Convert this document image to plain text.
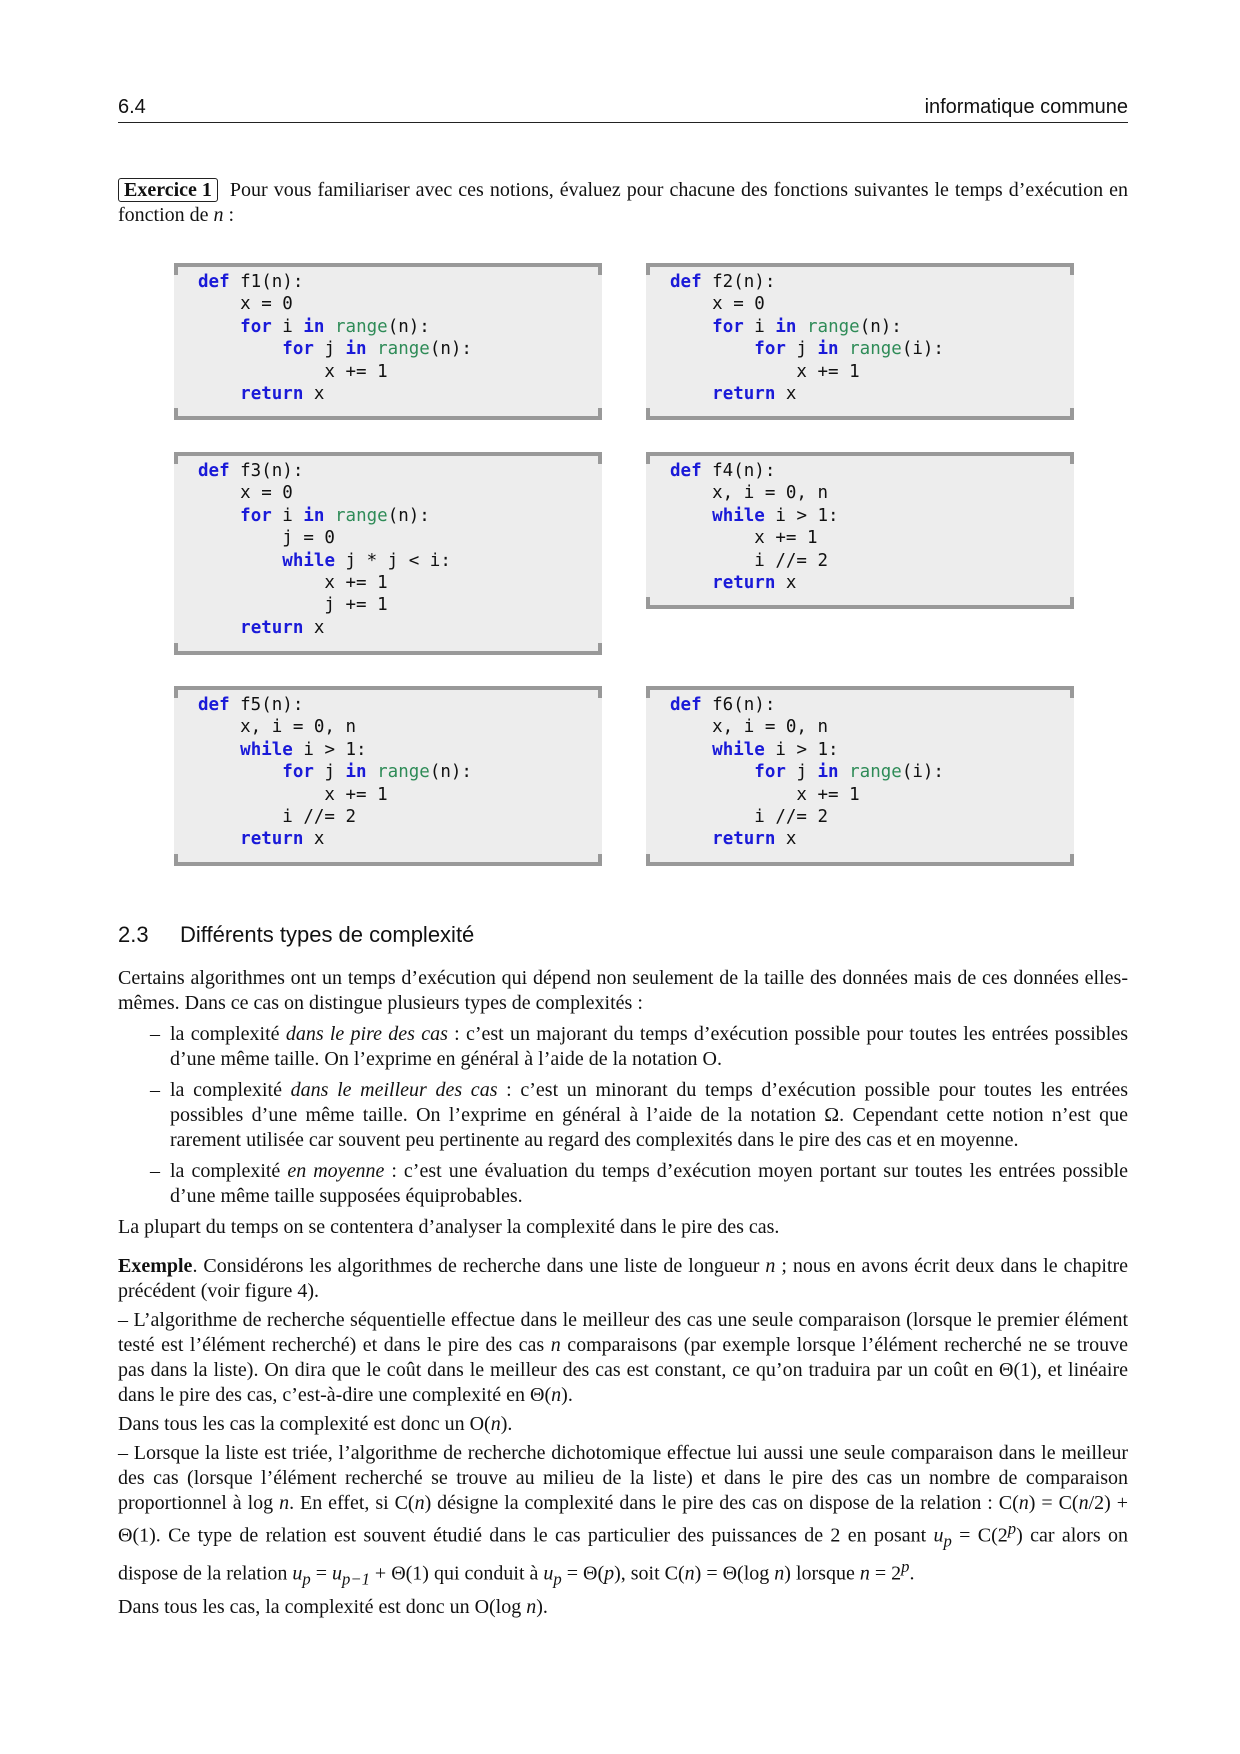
6.4	informatique commune

Exercice 1 Pour vous familiariser avec ces notions, évaluez pour chacune des fonctions suivantes le temps d’exécution en fonction de n :

def f1(n):
x = 0
for i in range(n):
for j in range(n):
x += 1
return x
def f2(n):
x = 0
for i in range(n):
for j in range(i):
x += 1
return x
def f3(n):
x = 0
for i in range(n):
j = 0
while j * j < i:
x += 1
j += 1
return x
def f4(n):
x, i = 0, n
while i > 1:
x += 1
i //= 2
return x
def f5(n):
x, i = 0, n
while i > 1:
for j in range(n):
x += 1
i //= 2
return x
def f6(n):
x, i = 0, n
while i > 1:
for j in range(i):
x += 1
i //= 2
return x
2.3 Différents types de complexité

Certains algorithmes ont un temps d’exécution qui dépend non seulement de la taille des données mais de ces données elles-mêmes. Dans ce cas on distingue plusieurs types de complexités :

– la complexité dans le pire des cas : c’est un majorant du temps d’exécution possible pour toutes les entrées possibles d’une même taille. On l’exprime en général à l’aide de la notation O.
– la complexité dans le meilleur des cas : c’est un minorant du temps d’exécution possible pour toutes les entrées possibles d’une même taille. On l’exprime en général à l’aide de la notation Ω. Cependant cette notion n’est que rarement utilisée car souvent peu pertinente au regard des complexités dans le pire des cas et en moyenne.
– la complexité en moyenne : c’est une évaluation du temps d’exécution moyen portant sur toutes les entrées possible d’une même taille supposées équiprobables.

La plupart du temps on se contentera d’analyser la complexité dans le pire des cas.

Exemple. Considérons les algorithmes de recherche dans une liste de longueur n ; nous en avons écrit deux dans le chapitre précédent (voir figure 4).

– L’algorithme de recherche séquentielle effectue dans le meilleur des cas une seule comparaison (lorsque le premier élément testé est l’élément recherché) et dans le pire des cas n comparaisons (par exemple lorsque l’élément recherché ne se trouve pas dans la liste). On dira que le coût dans le meilleur des cas est constant, ce qu’on traduira par un coût en Θ(1), et linéaire dans le pire des cas, c’est-à-dire une complexité en Θ(n).

Dans tous les cas la complexité est donc un O(n).

– Lorsque la liste est triée, l’algorithme de recherche dichotomique effectue lui aussi une seule comparaison dans le meilleur des cas (lorsque l’élément recherché se trouve au milieu de la liste) et dans le pire des cas un nombre de comparaison proportionnel à log n. En effet, si C(n) désigne la complexité dans le pire des cas on dispose de la relation : C(n) = C(n/2) + Θ(1). Ce type de relation est souvent étudié dans le cas particulier des puissances de 2 en posant $u_p = C(2^p)$ car alors on dispose de la relation $u_p = u_{p-1} + \Theta(1)$ qui conduit à $u_p = \Theta(p)$, soit C(n) = Θ(log n) lorsque $n = 2^p$.

Dans tous les cas, la complexité est donc un O(log n).
